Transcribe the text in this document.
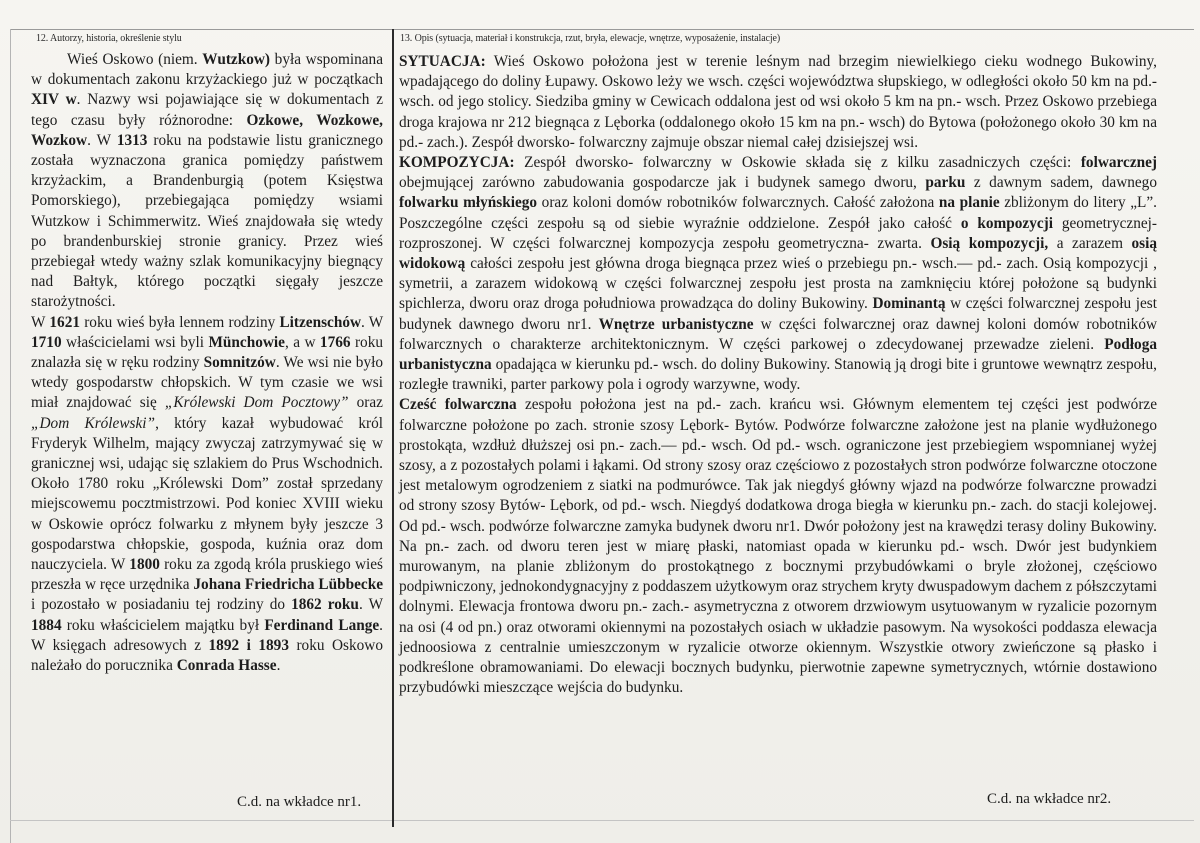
12. Autorzy, historia, określenie stylu	13. Opis (sytuacja, materiał i konstrukcja, rzut, bryła, elewacje, wnętrze, wyposażenie, instalacje)

Wieś Oskowo (niem. Wutzkow) była wspominana w dokumentach zakonu krzyżackiego już w początkach XIV w. Nazwy wsi pojawiające się w dokumentach z tego czasu były różnorodne: Ozkowe, Wozkowe, Wozkow. W 1313 roku na podstawie listu granicznego została wyznaczona granica pomiędzy państwem krzyżackim, a Brandenburgią (potem Księstwa Pomorskiego), przebiegająca pomiędzy wsiami Wutzkow i Schimmerwitz. Wieś znajdowała się wtedy po brandenburskiej stronie granicy. Przez wieś przebiegał wtedy ważny szlak komunikacyjny biegnący nad Bałtyk, którego początki sięgały jeszcze starożytności.

W 1621 roku wieś była lennem rodziny Litzenschów. W 1710 właścicielami wsi byli Münchowie, a w 1766 roku znalazła się w ręku rodziny Somnitzów. We wsi nie było wtedy gospodarstw chłopskich. W tym czasie we wsi miał znajdować się „Królewski Dom Pocztowy” oraz „Dom Królewski”, który kazał wybudować król Fryderyk Wilhelm, mający zwyczaj zatrzymywać się w granicznej wsi, udając się szlakiem do Prus Wschodnich. Około 1780 roku „Królewski Dom” został sprzedany miejscowemu pocztmistrzowi. Pod koniec XVIII wieku w Oskowie oprócz folwarku z młynem były jeszcze 3 gospodarstwa chłopskie, gospoda, kuźnia oraz dom nauczyciela. W 1800 roku za zgodą króla pruskiego wieś przeszła w ręce urzędnika Johana Friedricha Lübbecke i pozostało w posiadaniu tej rodziny do 1862 roku. W 1884 roku właścicielem majątku był Ferdinand Lange. W księgach adresowych z 1892 i 1893 roku Oskowo należało do porucznika Conrada Hasse.

C.d. na wkładce nr1.

SYTUACJA: Wieś Oskowo położona jest w terenie leśnym nad brzegim niewielkiego cieku wodnego Bukowiny, wpadającego do doliny Łupawy. Oskowo leży we wsch. części województwa słupskiego, w odległości około 50 km na pd.- wsch. od jego stolicy. Siedziba gminy w Cewicach oddalona jest od wsi około 5 km na pn.- wsch. Przez Oskowo przebiega droga krajowa nr 212 biegnąca z Lęborka (oddalonego około 15 km na pn.- wsch) do Bytowa (położonego około 30 km na pd.- zach.). Zespół dworsko- folwarczny zajmuje obszar niemal całej dzisiejszej wsi.

KOMPOZYCJA: Zespół dworsko- folwarczny w Oskowie składa się z kilku zasadniczych części: folwarcznej obejmującej zarówno zabudowania gospodarcze jak i budynek samego dworu, parku z dawnym sadem, dawnego folwarku młyńskiego oraz koloni domów robotników folwarcznych. Całość założona na planie zbliżonym do litery „L”. Poszczególne części zespołu są od siebie wyraźnie oddzielone. Zespół jako całość o kompozycji geometrycznej- rozproszonej. W części folwarcznej kompozycja zespołu geometryczna- zwarta. Osią kompozycji, a zarazem osią widokową całości zespołu jest główna droga biegnąca przez wieś o przebiegu pn.- wsch.— pd.- zach. Osią kompozycji , symetrii, a zarazem widokową w części folwarcznej zespołu jest prosta na zamknięciu której położone są budynki spichlerza, dworu oraz droga południowa prowadząca do doliny Bukowiny. Dominantą w części folwarcznej zespołu jest budynek dawnego dworu nr1. Wnętrze urbanistyczne w części folwarcznej oraz dawnej koloni domów robotników folwarcznych o charakterze architektonicznym. W części parkowej o zdecydowanej przewadze zieleni. Podłoga urbanistyczna opadająca w kierunku pd.- wsch. do doliny Bukowiny. Stanowią ją drogi bite i gruntowe wewnątrz zespołu, rozległe trawniki, parter parkowy pola i ogrody warzywne, wody.

Cześć folwarczna zespołu położona jest na pd.- zach. krańcu wsi. Głównym elementem tej części jest podwórze folwarczne położone po zach. stronie szosy Lębork- Bytów. Podwórze folwarczne założone jest na planie wydłużonego prostokąta, wzdłuż dłuższej osi pn.- zach.— pd.- wsch. Od pd.- wsch. ograniczone jest przebiegiem wspomnianej wyżej szosy, a z pozostałych polami i łąkami. Od strony szosy oraz częściowo z pozostałych stron podwórze folwarczne otoczone jest metalowym ogrodzeniem z siatki na podmurówce. Tak jak niegdyś główny wjazd na podwórze folwarczne prowadzi od strony szosy Bytów- Lębork, od pd.- wsch. Niegdyś dodatkowa droga biegła w kierunku pn.- zach. do stacji kolejowej. Od pd.- wsch. podwórze folwarczne zamyka budynek dworu nr1. Dwór położony jest na krawędzi terasy doliny Bukowiny. Na pn.- zach. od dworu teren jest w miarę płaski, natomiast opada w kierunku pd.- wsch. Dwór jest budynkiem murowanym, na planie zbliżonym do prostokątnego z bocznymi przybudówkami o bryle złożonej, częściowo podpiwniczony, jednokondygnacyjny z poddaszem użytkowym oraz strychem kryty dwuspadowym dachem z półszczytami dolnymi. Elewacja frontowa dworu pn.- zach.- asymetryczna z otworem drzwiowym usytuowanym w ryzalicie pozornym na osi (4 od pn.) oraz otworami okiennymi na pozostałych osiach w układzie pasowym. Na wysokości poddasza elewacja jednoosiowa z centralnie umieszczonym w ryzalicie otworze okiennym. Wszystkie otwory zwieńczone są płasko i podkreślone obramowaniami. Do elewacji bocznych budynku, pierwotnie zapewne symetrycznych, wtórnie dostawiono przybudówki mieszczące wejścia do budynku.

C.d. na wkładce nr2.
